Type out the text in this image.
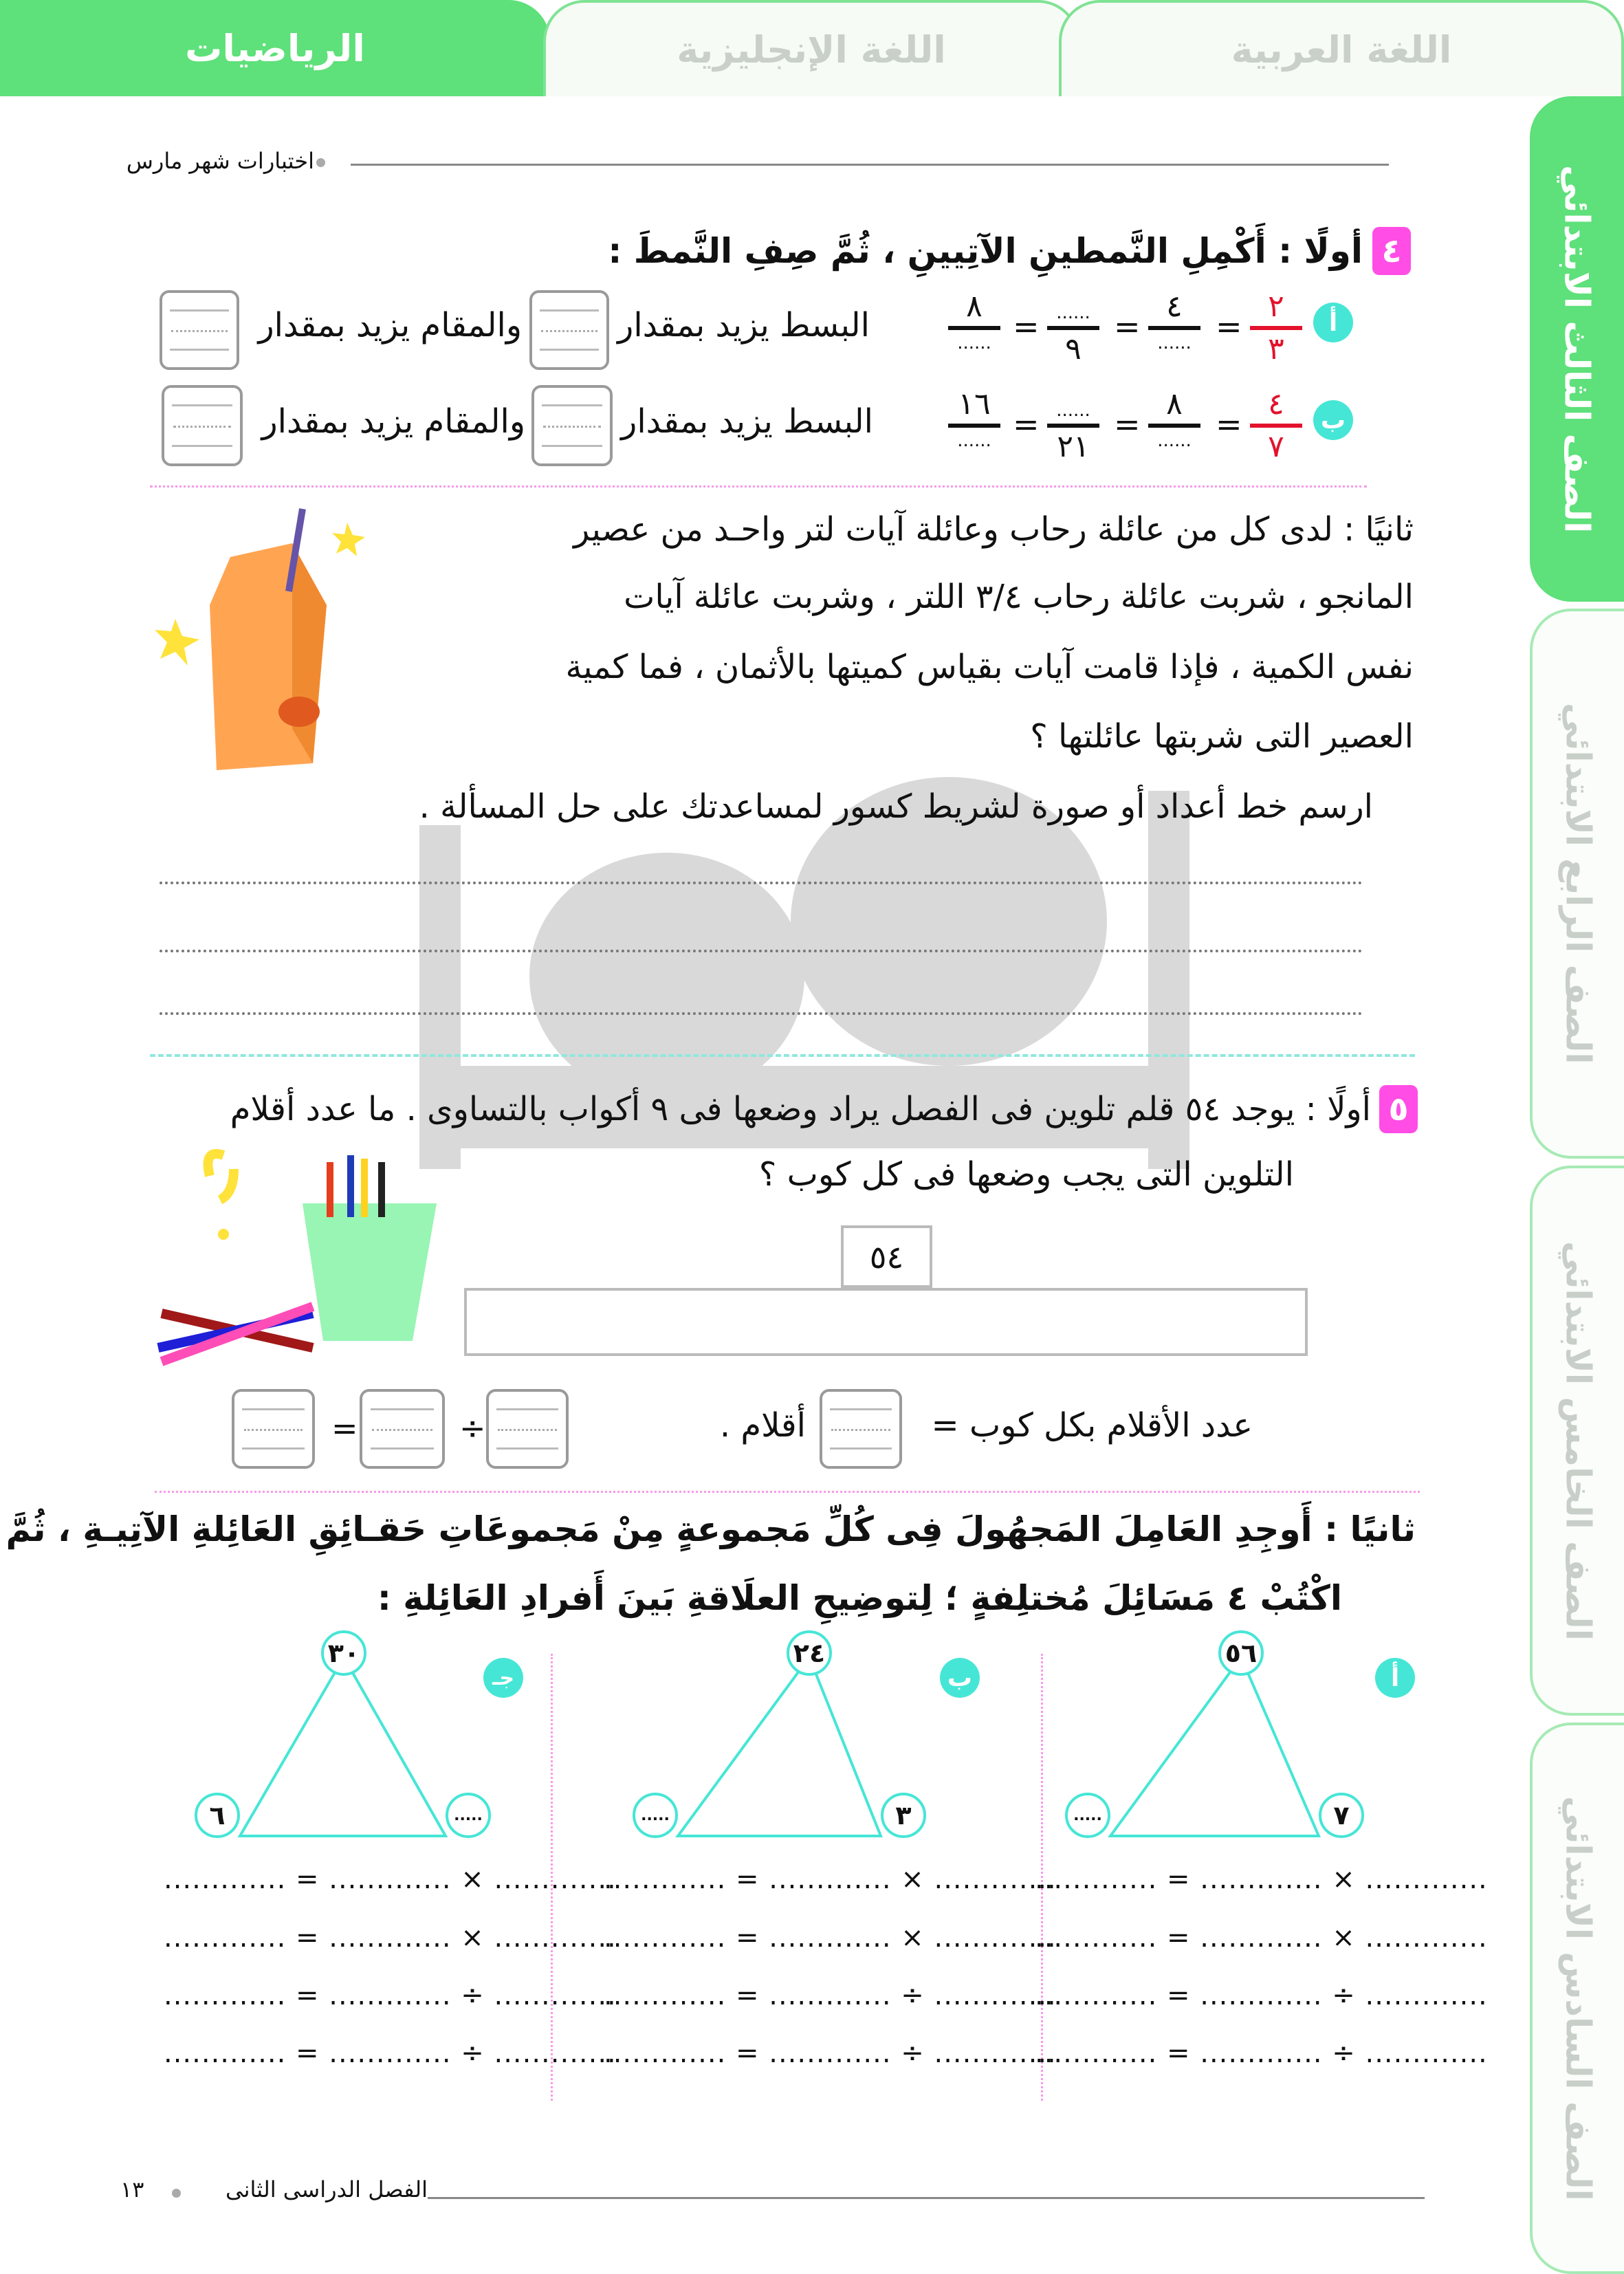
الرياضيات	اللغة الإنجليزية	اللغة العربية
الصف الثالث الابتدائي
الصف الرابع الابتدائي
الصف الخامس الابتدائي
الصف السادس الابتدائي
اختبارات شهر مارس
٤
أولًا : أَكْمِلِ النَّمطينِ الآتِيينِ ، ثُمَّ صِفِ النَّمطَ :
أ
٢
٣
=
٤
......
=
......
٩
=
٨
......
البسط يزيد بمقدار
والمقام يزيد بمقدار
ب
٤
٧
=
٨
......
=
......
٢١
=
١٦
......
البسط يزيد بمقدار
والمقام يزيد بمقدار
ثانيًا : لدى كل من عائلة رحاب وعائلة آيات لتر واحـد من عصير
المانجو ، شربت عائلة رحاب ٣/٤ اللتر ، وشربت عائلة آيات
نفس الكمية ، فإذا قامت آيات بقياس كميتها بالأثمان ، فما كمية
العصير التى شربتها عائلتها ؟
ارسم خط أعداد أو صورة لشريط كسور لمساعدتك على حل المسألة .
٥
أولًا : يوجد ٥٤ قلم تلوين فى الفصل يراد وضعها فى ٩ أكواب بالتساوى . ما عدد أقلام
التلوين التى يجب وضعها فى كل كوب ؟
٥٤
عدد الأقلام بكل كوب =
أقلام .
÷
=
ثانيًا : أَوجِدِ العَامِلَ المَجهُولَ فِى كُلِّ مَجموعةٍ مِنْ مَجموعَاتِ حَقـائِقِ العَائِلةِ الآتِيـةِ ، ثُمَّ
اكْتُبْ ٤ مَسَائِلَ مُختلِفةٍ ؛ لِتوضِيحِ العلَاقةِ بَينَ أَفرادِ العَائِلةِ :
أ
٥٦
.....	٧
ب
٢٤
.....	٣
جـ
٣٠
٦	.....
............. = ............. × .............
............. = ............. × .............
............. = ............. ÷ .............
............. = ............. ÷ .............
............. = ............. × .............
............. = ............. × .............
............. = ............. ÷ .............
............. = ............. ÷ .............
............. = ............. × .............
............. = ............. × .............
............. = ............. ÷ .............
............. = ............. ÷ .............
الفصل الدراسى الثانى
١٣
